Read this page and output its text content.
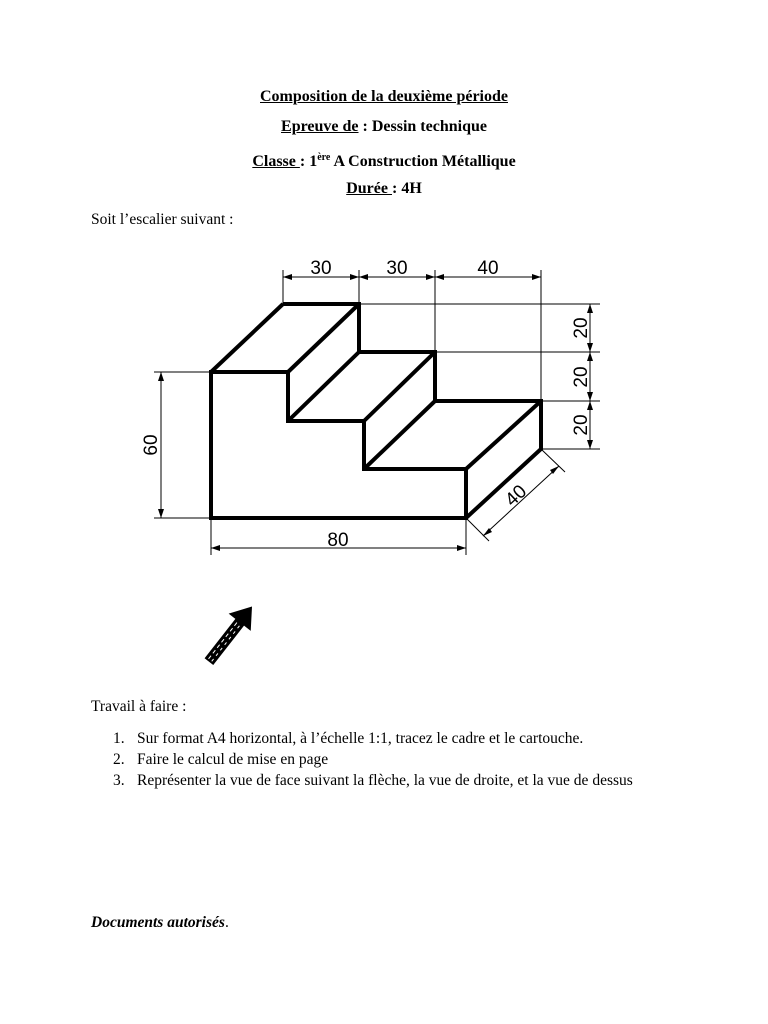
Composition de la deuxième période
Epreuve de : Dessin technique
Classe : 1ère A Construction Métallique
Durée : 4H
Soit l’escalier suivant :
30	30	40
20
20
20
60
80
40
Travail à faire :
1. Sur format A4 horizontal, à l’échelle 1:1, tracez le cadre et le cartouche.
2. Faire le calcul de mise en page
3. Représenter la vue de face suivant la flèche, la vue de droite, et la vue de dessus
Documents autorisés.
